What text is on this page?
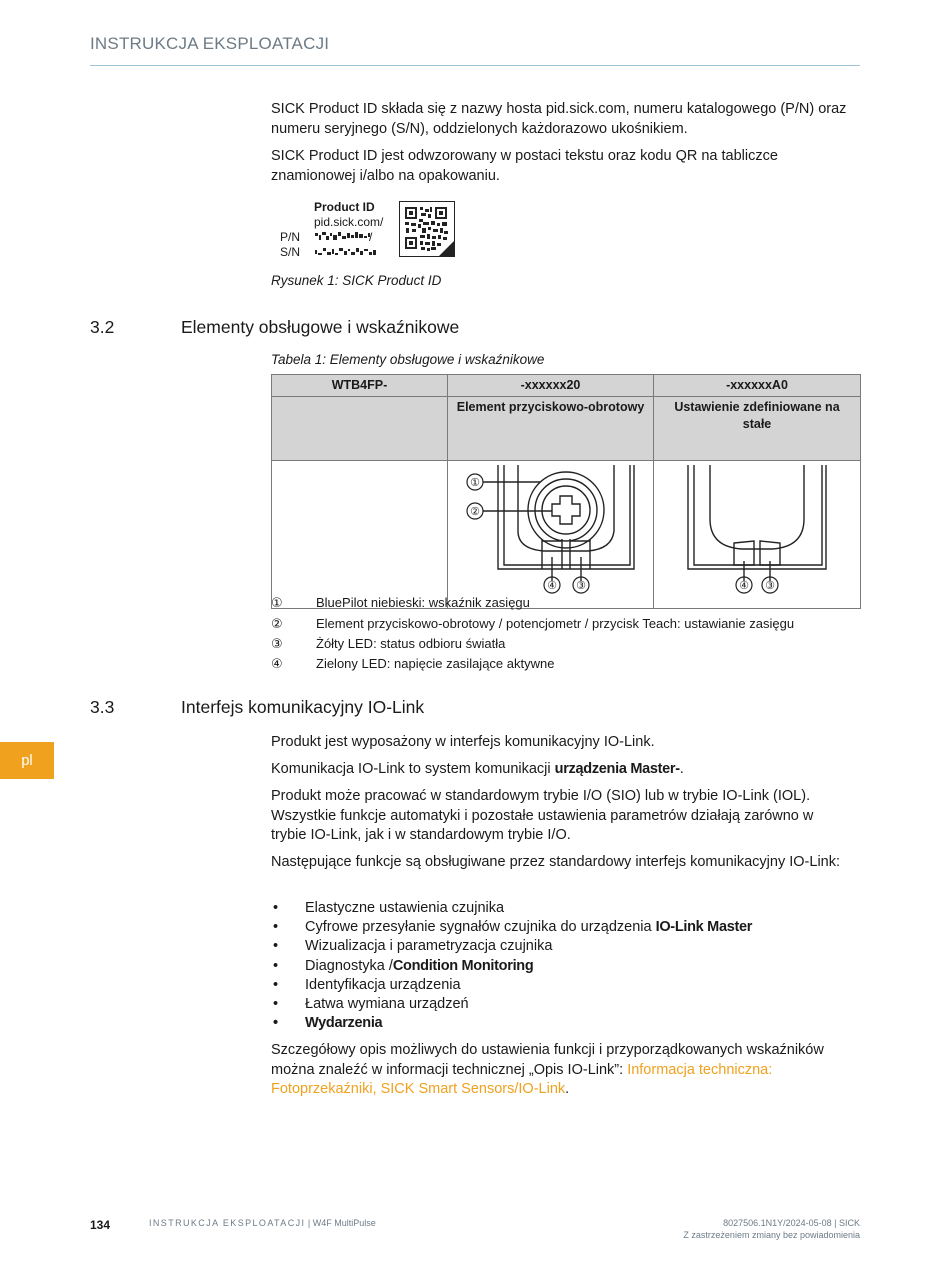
INSTRUKCJA EKSPLOATACJI
SICK Product ID składa się z nazwy hosta pid.sick.com, numeru katalogowego (P/N) oraz numeru seryjnego (S/N), oddzielonych każdorazowo ukośnikiem.
SICK Product ID jest odwzorowany w postaci tekstu oraz kodu QR na tabliczce znamionowej i/albo na opakowaniu.
Product ID
pid.sick.com/
P/N
S/N
/
Rysunek 1: SICK Product ID
3.2	Elementy obsługowe i wskaźnikowe
Tabela 1: Elementy obsługowe i wskaźnikowe
WTB4FP-	-xxxxxx20	-xxxxxxA0
	Element przyciskowo-obrotowy	Ustawienie zdefiniowane na stałe

①
②
④ ③	④ ③
①	BluePilot niebieski: wskaźnik zasięgu
②	Element przyciskowo-obrotowy / potencjometr / przycisk Teach: ustawianie zasięgu
③	Żółty LED: status odbioru światła
④	Zielony LED: napięcie zasilające aktywne
3.3	Interfejs komunikacyjny IO-Link
pl
Produkt jest wyposażony w interfejs komunikacyjny IO-Link.
Komunikacja IO-Link to system komunikacji urządzenia Master-.
Produkt może pracować w standardowym trybie I/O (SIO) lub w trybie IO-Link (IOL). Wszystkie funkcje automatyki i pozostałe ustawienia parametrów działają zarówno w trybie IO-Link, jak i w standardowym trybie I/O.
Następujące funkcje są obsługiwane przez standardowy interfejs komunikacyjny IO-Link:
• Elastyczne ustawienia czujnika
• Cyfrowe przesyłanie sygnałów czujnika do urządzenia IO-Link Master
• Wizualizacja i parametryzacja czujnika
• Diagnostyka /Condition Monitoring
• Identyfikacja urządzenia
• Łatwa wymiana urządzeń
• Wydarzenia
Szczegółowy opis możliwych do ustawienia funkcji i przyporządkowanych wskaźników można znaleźć w informacji technicznej „Opis IO-Link”: Informacja techniczna: Fotoprzekaźniki, SICK Smart Sensors/IO-Link.
134	INSTRUKCJA EKSPLOATACJI | W4F MultiPulse	8027506.1N1Y/2024-05-08 | SICK
Z zastrzeżeniem zmiany bez powiadomienia
